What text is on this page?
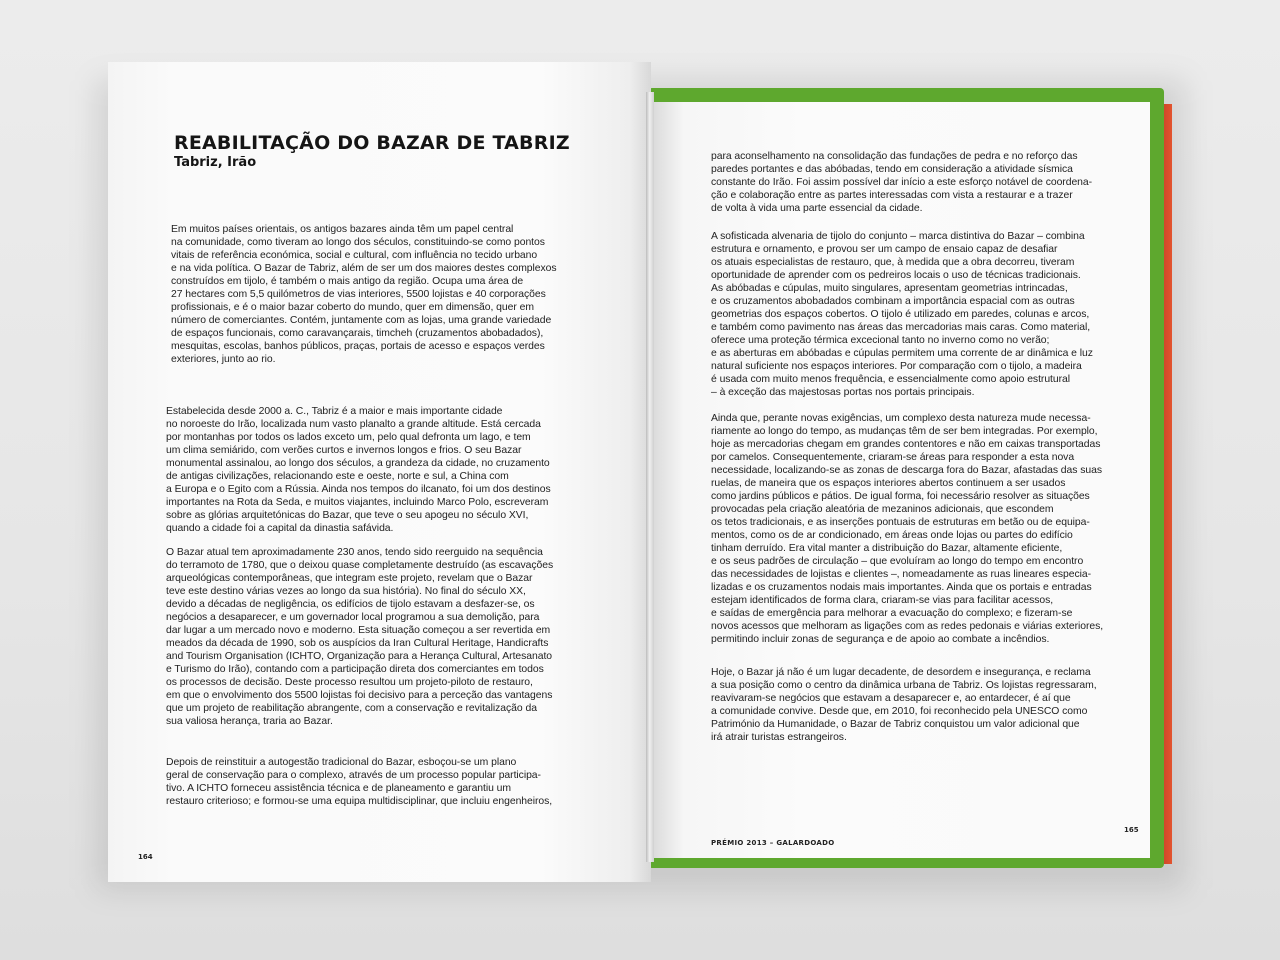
REABILITAÇÃO DO BAZAR DE TABRIZ
Tabriz, Irão

Em muitos países orientais, os antigos bazares ainda têm um papel central
na comunidade, como tiveram ao longo dos séculos, constituindo-se como pontos
vitais de referência económica, social e cultural, com influência no tecido urbano
e na vida política. O Bazar de Tabriz, além de ser um dos maiores destes complexos
construídos em tijolo, é também o mais antigo da região. Ocupa uma área de
27 hectares com 5,5 quilómetros de vias interiores, 5500 lojistas e 40 corporações
profissionais, e é o maior bazar coberto do mundo, quer em dimensão, quer em
número de comerciantes. Contém, juntamente com as lojas, uma grande variedade
de espaços funcionais, como caravançarais, timcheh (cruzamentos abobadados),
mesquitas, escolas, banhos públicos, praças, portais de acesso e espaços verdes
exteriores, junto ao rio.

Estabelecida desde 2000 a. C., Tabriz é a maior e mais importante cidade
no noroeste do Irão, localizada num vasto planalto a grande altitude. Está cercada
por montanhas por todos os lados exceto um, pelo qual defronta um lago, e tem
um clima semiárido, com verões curtos e invernos longos e frios. O seu Bazar
monumental assinalou, ao longo dos séculos, a grandeza da cidade, no cruzamento
de antigas civilizações, relacionando este e oeste, norte e sul, a China com
a Europa e o Egito com a Rússia. Ainda nos tempos do ilcanato, foi um dos destinos
importantes na Rota da Seda, e muitos viajantes, incluindo Marco Polo, escreveram
sobre as glórias arquitetónicas do Bazar, que teve o seu apogeu no século XVI,
quando a cidade foi a capital da dinastia safávida.

O Bazar atual tem aproximadamente 230 anos, tendo sido reerguido na sequência
do terramoto de 1780, que o deixou quase completamente destruído (as escavações
arqueológicas contemporâneas, que integram este projeto, revelam que o Bazar
teve este destino várias vezes ao longo da sua história). No final do século XX,
devido a décadas de negligência, os edifícios de tijolo estavam a desfazer-se, os
negócios a desaparecer, e um governador local programou a sua demolição, para
dar lugar a um mercado novo e moderno. Esta situação começou a ser revertida em
meados da década de 1990, sob os auspícios da Iran Cultural Heritage, Handicrafts
and Tourism Organisation (ICHTO, Organização para a Herança Cultural, Artesanato
e Turismo do Irão), contando com a participação direta dos comerciantes em todos
os processos de decisão. Deste processo resultou um projeto-piloto de restauro,
em que o envolvimento dos 5500 lojistas foi decisivo para a perceção das vantagens
que um projeto de reabilitação abrangente, com a conservação e revitalização da
sua valiosa herança, traria ao Bazar.

Depois de reinstituir a autogestão tradicional do Bazar, esboçou-se um plano
geral de conservação para o complexo, através de um processo popular participa-
tivo. A ICHTO forneceu assistência técnica e de planeamento e garantiu um
restauro criterioso; e formou-se uma equipa multidisciplinar, que incluiu engenheiros,

164

para aconselhamento na consolidação das fundações de pedra e no reforço das
paredes portantes e das abóbadas, tendo em consideração a atividade sísmica
constante do Irão. Foi assim possível dar início a este esforço notável de coordena-
ção e colaboração entre as partes interessadas com vista a restaurar e a trazer
de volta à vida uma parte essencial da cidade.

A sofisticada alvenaria de tijolo do conjunto – marca distintiva do Bazar – combina
estrutura e ornamento, e provou ser um campo de ensaio capaz de desafiar
os atuais especialistas de restauro, que, à medida que a obra decorreu, tiveram
oportunidade de aprender com os pedreiros locais o uso de técnicas tradicionais.
As abóbadas e cúpulas, muito singulares, apresentam geometrias intrincadas,
e os cruzamentos abobadados combinam a importância espacial com as outras
geometrias dos espaços cobertos. O tijolo é utilizado em paredes, colunas e arcos,
e também como pavimento nas áreas das mercadorias mais caras. Como material,
oferece uma proteção térmica excecional tanto no inverno como no verão;
e as aberturas em abóbadas e cúpulas permitem uma corrente de ar dinâmica e luz
natural suficiente nos espaços interiores. Por comparação com o tijolo, a madeira
é usada com muito menos frequência, e essencialmente como apoio estrutural
– à exceção das majestosas portas nos portais principais.

Ainda que, perante novas exigências, um complexo desta natureza mude necessa-
riamente ao longo do tempo, as mudanças têm de ser bem integradas. Por exemplo,
hoje as mercadorias chegam em grandes contentores e não em caixas transportadas
por camelos. Consequentemente, criaram-se áreas para responder a esta nova
necessidade, localizando-se as zonas de descarga fora do Bazar, afastadas das suas
ruelas, de maneira que os espaços interiores abertos continuem a ser usados
como jardins públicos e pátios. De igual forma, foi necessário resolver as situações
provocadas pela criação aleatória de mezaninos adicionais, que escondem
os tetos tradicionais, e as inserções pontuais de estruturas em betão ou de equipa-
mentos, como os de ar condicionado, em áreas onde lojas ou partes do edifício
tinham derruído. Era vital manter a distribuição do Bazar, altamente eficiente,
e os seus padrões de circulação – que evoluíram ao longo do tempo em encontro
das necessidades de lojistas e clientes –, nomeadamente as ruas lineares especia-
lizadas e os cruzamentos nodais mais importantes. Ainda que os portais e entradas
estejam identificados de forma clara, criaram-se vias para facilitar acessos,
e saídas de emergência para melhorar a evacuação do complexo; e fizeram-se
novos acessos que melhoram as ligações com as redes pedonais e viárias exteriores,
permitindo incluir zonas de segurança e de apoio ao combate a incêndios.

Hoje, o Bazar já não é um lugar decadente, de desordem e insegurança, e reclama
a sua posição como o centro da dinâmica urbana de Tabriz. Os lojistas regressaram,
reavivaram-se negócios que estavam a desaparecer e, ao entardecer, é aí que
a comunidade convive. Desde que, em 2010, foi reconhecido pela UNESCO como
Património da Humanidade, o Bazar de Tabriz conquistou um valor adicional que
irá atrair turistas estrangeiros.

PRÉMIO 2013 – GALARDOADO

165
